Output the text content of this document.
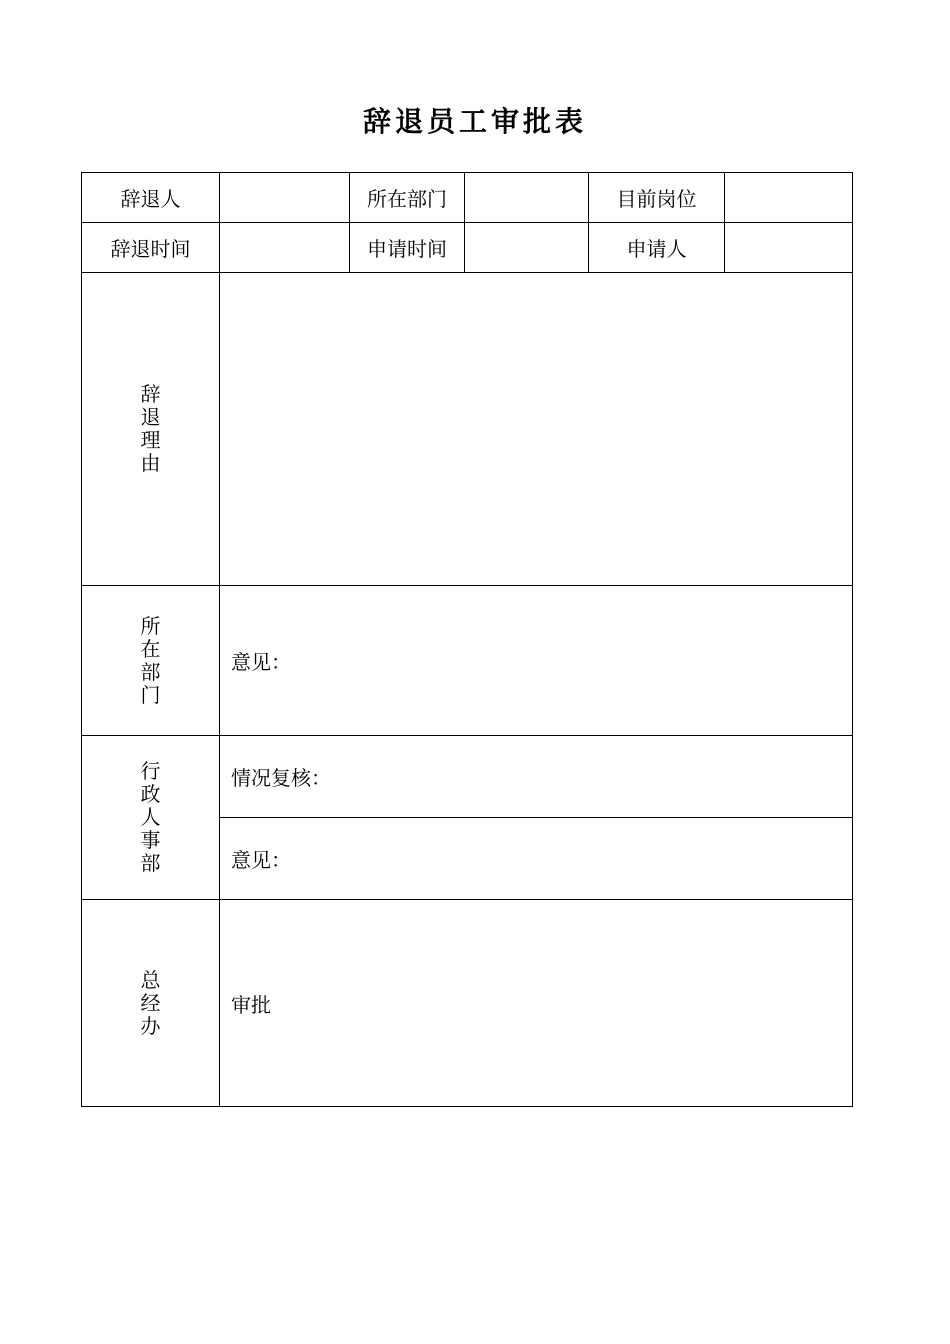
辞退员工审批表
辞退人		所在部门		目前岗位	
辞退时间		申请时间		申请人	
辞退理由					
所在部门	意见：				
行政人事部	情况复核：				
	意见：				
总经办	审批				
